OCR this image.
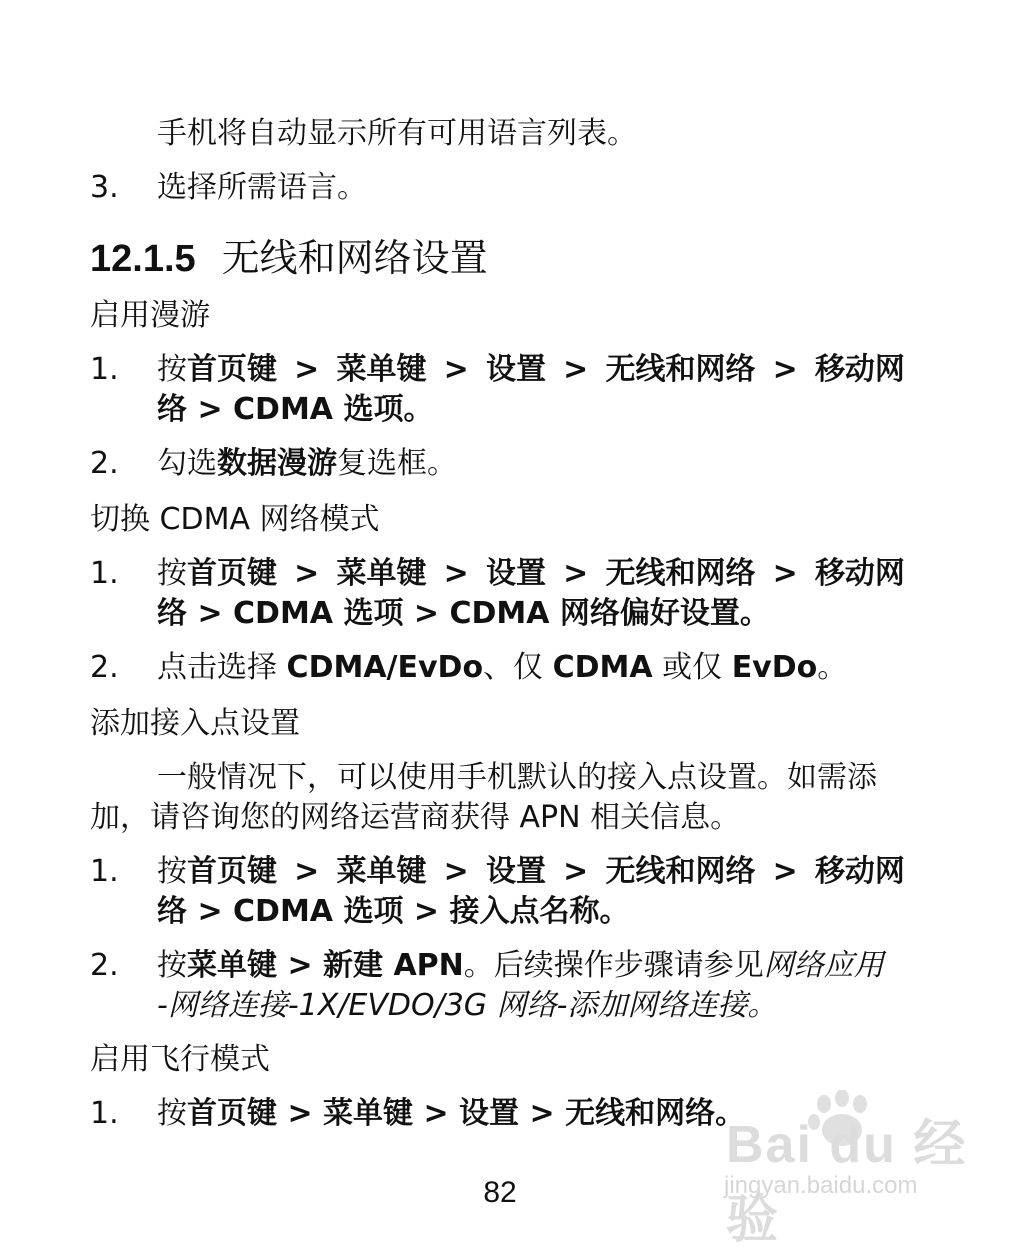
手机将自动显示所有可用语言列表。
3. 选择所需语言。
12.1.5 无线和网络设置
启用漫游
1. 按首页键 > 菜单键 > 设置 > 无线和网络 > 移动网
络 > CDMA 选项。
2. 勾选数据漫游复选框。
切换 CDMA 网络模式
1. 按首页键 > 菜单键 > 设置 > 无线和网络 > 移动网
络 > CDMA 选项 > CDMA 网络偏好设置。
2. 点击选择 CDMA/EvDo、仅 CDMA 或仅 EvDo。
添加接入点设置
一般情况下，可以使用手机默认的接入点设置。如需添
加，请咨询您的网络运营商获得 APN 相关信息。
1. 按首页键 > 菜单键 > 设置 > 无线和网络 > 移动网
络 > CDMA 选项 > 接入点名称。
2. 按菜单键 > 新建 APN。后续操作步骤请参见网络应用
-网络连接-1X/EVDO/3G 网络-添加网络连接。
启用飞行模式
1. 按首页键 > 菜单键 > 设置 > 无线和网络。
82
Bai du 经验
jingyan.baidu.com
